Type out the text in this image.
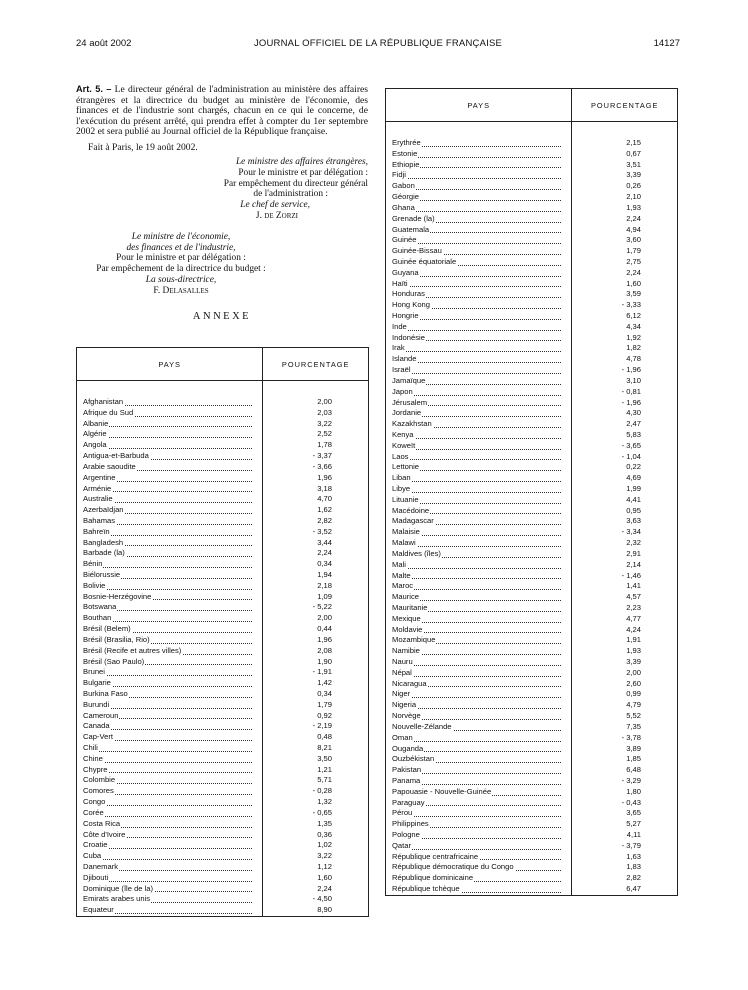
24 août 2002	JOURNAL OFFICIEL DE LA RÉPUBLIQUE FRANÇAISE	14127

Art. 5. – Le directeur général de l'administration au ministère des affaires étrangères et la directrice du budget au ministère de l'économie, des finances et de l'industrie sont chargés, chacun en ce qui le concerne, de l'exécution du présent arrêté, qui prendra effet à compter du 1er septembre 2002 et sera publié au Journal officiel de la République française.

Fait à Paris, le 19 août 2002.
Le ministre des affaires étrangères,
Pour le ministre et par délégation :
Par empêchement du directeur général
de l'administration :
Le chef de service,
J. de Zorzi
Le ministre de l'économie,
des finances et de l'industrie,
Pour le ministre et par délégation :
Par empêchement de la directrice du budget :
La sous-directrice,
F. Delasalles
ANNEXE
PAYS	POURCENTAGE

Afghanistan	2,00

Afrique du Sud	2,03

Albanie	3,22

Algérie	2,52

Angola	1,78

Antigua-et-Barbuda	- 3,37

Arabie saoudite	- 3,66

Argentine	1,96

Arménie	3,18

Australie	4,70

Azerbaïdjan	1,62

Bahamas	2,82

Bahreïn	- 3,52

Bangladesh	3,44

Barbade (la)	2,24

Bénin	0,34

Biélorussie	1,94

Bolivie	2,18

Bosnie-Herzégovine	1,09

Botswana	- 5,22

Bouthan	2,00

Brésil (Belem)	0,44

Brésil (Brasilia, Rio)	1,96

Brésil (Recife et autres villes)	2,08

Brésil (Sao Paulo)	1,90

Brunei	- 1,91

Bulgarie	1,42

Burkina Faso	0,34

Burundi	1,79

Cameroun	0,92

Canada	- 2,19

Cap-Vert	0,48

Chili	8,21

Chine	3,50

Chypre	1,21

Colombie	5,71

Comores	- 0,28

Congo	1,32

Corée	- 0,65

Costa Rica	1,35

Côte d'Ivoire	0,36

Croatie	1,02

Cuba	3,22

Danemark	1,12

Djibouti	1,60

Dominique (île de la)	2,24

Emirats arabes unis	- 4,50

Equateur	8,90
PAYS	POURCENTAGE

Erythrée	2,15

Estonie	0,67

Ethiopie	3,51

Fidji	3,39

Gabon	0,26

Géorgie	2,10

Ghana	1,93

Grenade (la)	2,24

Guatemala	4,94

Guinée	3,60

Guinée-Bissau	1,79

Guinée équatoriale	2,75

Guyana	2,24

Haïti	1,60

Honduras	3,59

Hong Kong	- 3,33

Hongrie	6,12

Inde	4,34

Indonésie	1,92

Irak	1,82

Islande	4,78

Israël	- 1,96

Jamaïque	3,10

Japon	- 0,81

Jérusalem	- 1,96

Jordanie	4,30

Kazakhstan	2,47

Kenya	5,83

Koweït	- 3,65

Laos	- 1,04

Lettonie	0,22

Liban	4,69

Libye	1,99

Lituanie	4,41

Macédoine	0,95

Madagascar	3,63

Malaisie	- 3,34

Malawi	2,32

Maldives (îles)	2,91

Mali	2,14

Malte	- 1,46

Maroc	1,41

Maurice	4,57

Mauritanie	2,23

Mexique	4,77

Moldavie	4,24

Mozambique	1,91

Namibie	1,93

Nauru	3,39

Népal	2,00

Nicaragua	2,60

Niger	0,99

Nigeria	4,79

Norvège	5,52

Nouvelle-Zélande	7,35

Oman	- 3,78

Ouganda	3,89

Ouzbékistan	1,85

Pakistan	6,48

Panama	- 3,29

Papouasie - Nouvelle-Guinée	1,80

Paraguay	- 0,43

Pérou	3,65

Philippines	5,27

Pologne	4,11

Qatar	- 3,79

République centrafricaine	1,63

République démocratique du Congo	1,83

République dominicaine	2,82

République tchèque	6,47
